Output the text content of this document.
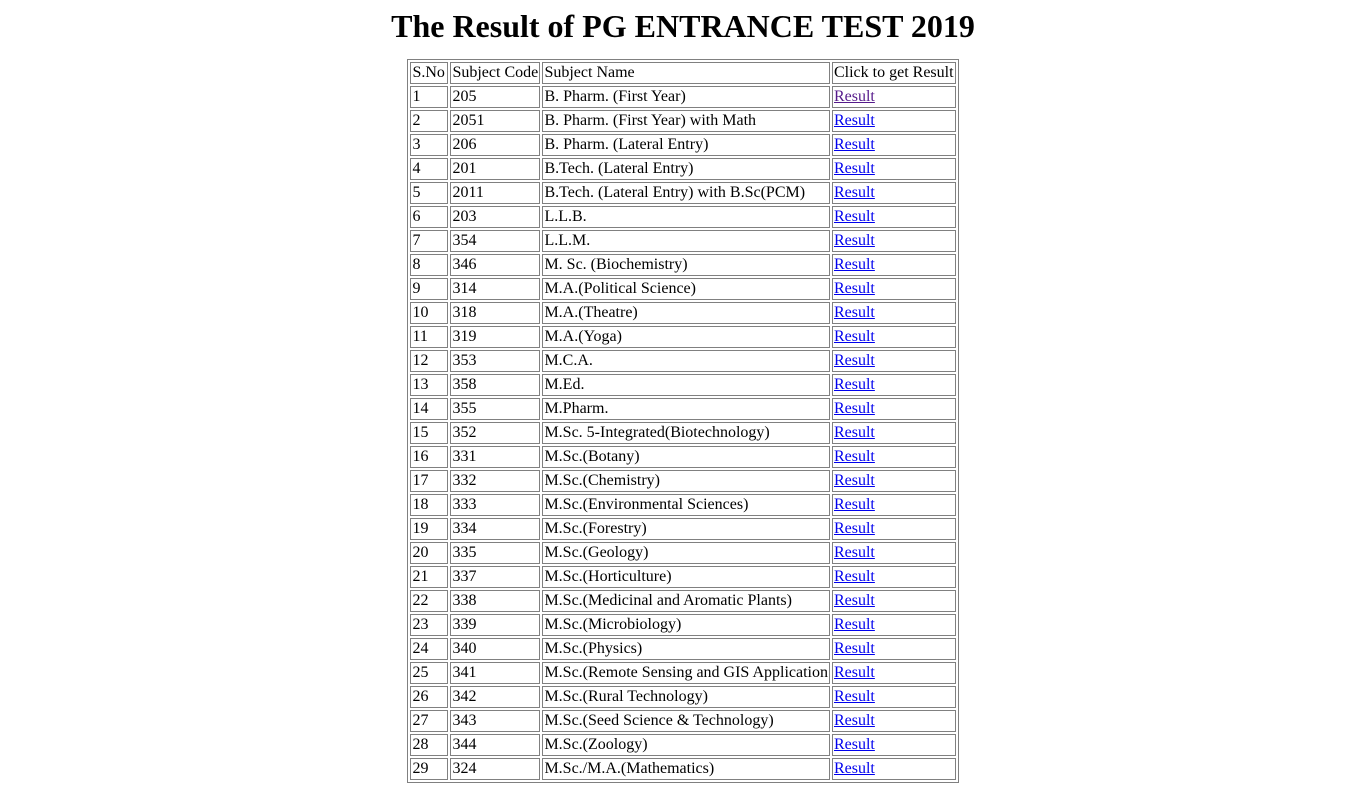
The Result of PG ENTRANCE TEST 2019
S.No	Subject Code	Subject Name	Click to get Result
1	205	B. Pharm. (First Year)	Result
2	2051	B. Pharm. (First Year) with Math	Result
3	206	B. Pharm. (Lateral Entry)	Result
4	201	B.Tech. (Lateral Entry)	Result
5	2011	B.Tech. (Lateral Entry) with B.Sc(PCM)	Result
6	203	L.L.B.	Result
7	354	L.L.M.	Result
8	346	M. Sc. (Biochemistry)	Result
9	314	M.A.(Political Science)	Result
10	318	M.A.(Theatre)	Result
11	319	M.A.(Yoga)	Result
12	353	M.C.A.	Result
13	358	M.Ed.	Result
14	355	M.Pharm.	Result
15	352	M.Sc. 5-Integrated(Biotechnology)	Result
16	331	M.Sc.(Botany)	Result
17	332	M.Sc.(Chemistry)	Result
18	333	M.Sc.(Environmental Sciences)	Result
19	334	M.Sc.(Forestry)	Result
20	335	M.Sc.(Geology)	Result
21	337	M.Sc.(Horticulture)	Result
22	338	M.Sc.(Medicinal and Aromatic Plants)	Result
23	339	M.Sc.(Microbiology)	Result
24	340	M.Sc.(Physics)	Result
25	341	M.Sc.(Remote Sensing and GIS Application	Result
26	342	M.Sc.(Rural Technology)	Result
27	343	M.Sc.(Seed Science & Technology)	Result
28	344	M.Sc.(Zoology)	Result
29	324	M.Sc./M.A.(Mathematics)	Result
